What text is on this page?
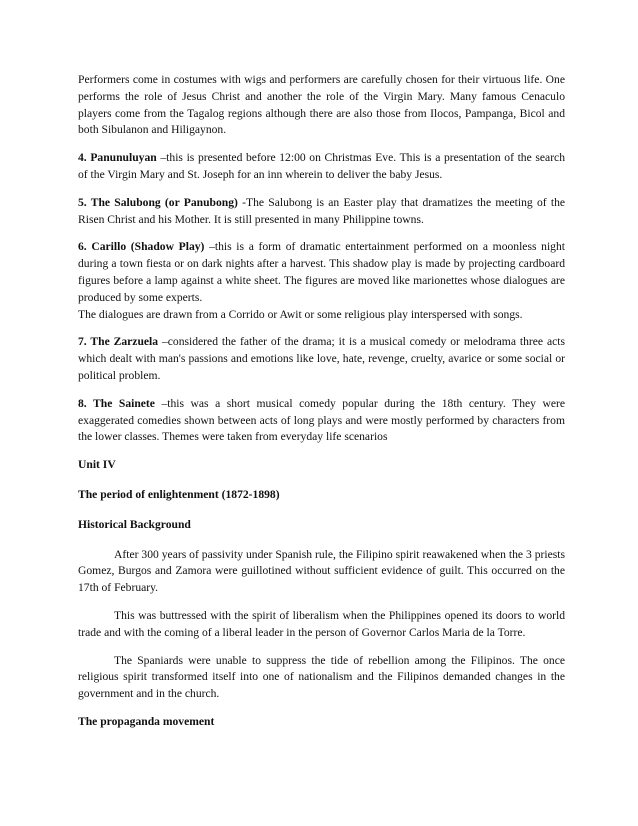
Performers come in costumes with wigs and performers are carefully chosen for their virtuous life. One performs the role of Jesus Christ and another the role of the Virgin Mary. Many famous Cenaculo players come from the Tagalog regions although there are also those from Ilocos, Pampanga, Bicol and both Sibulanon and Hiligaynon.

4. Panunuluyan –this is presented before 12:00 on Christmas Eve. This is a presentation of the search of the Virgin Mary and St. Joseph for an inn wherein to deliver the baby Jesus.

5. The Salubong (or Panubong) -The Salubong is an Easter play that dramatizes the meeting of the Risen Christ and his Mother. It is still presented in many Philippine towns.

6. Carillo (Shadow Play) –this is a form of dramatic entertainment performed on a moonless night during a town fiesta or on dark nights after a harvest. This shadow play is made by projecting cardboard figures before a lamp against a white sheet. The figures are moved like marionettes whose dialogues are produced by some experts.

The dialogues are drawn from a Corrido or Awit or some religious play interspersed with songs.

7. The Zarzuela –considered the father of the drama; it is a musical comedy or melodrama three acts which dealt with man's passions and emotions like love, hate, revenge, cruelty, avarice or some social or political problem.

8. The Sainete –this was a short musical comedy popular during the 18th century. They were exaggerated comedies shown between acts of long plays and were mostly performed by characters from the lower classes. Themes were taken from everyday life scenarios

Unit IV

The period of enlightenment (1872-1898)

Historical Background

After 300 years of passivity under Spanish rule, the Filipino spirit reawakened when the 3 priests Gomez, Burgos and Zamora were guillotined without sufficient evidence of guilt. This occurred on the 17th of February.

This was buttressed with the spirit of liberalism when the Philippines opened its doors to world trade and with the coming of a liberal leader in the person of Governor Carlos Maria de la Torre.

The Spaniards were unable to suppress the tide of rebellion among the Filipinos. The once religious spirit transformed itself into one of nationalism and the Filipinos demanded changes in the government and in the church.

The propaganda movement
